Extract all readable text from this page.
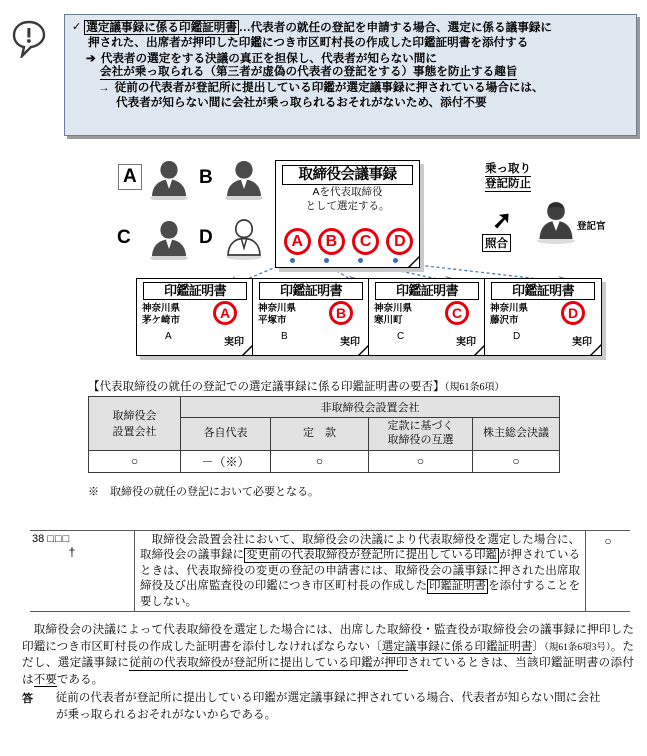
✓ 選定議事録に係る印鑑証明書 …代表者の就任の登記を申請する場合、選定に係る議事録に
押された、出席者が押印した印鑑につき市区町村長の作成した印鑑証明書を添付する
➔ 代表者の選定をする決議の真正を担保し、代表者が知らない間に
会社が乗っ取られる（第三者が虚偽の代表者の登記をする）事態を防止する趣旨
→ 従前の代表者が登記所に提出している印鑑が選定議事録に押されている場合には、
代表者が知らない間に会社が乗っ取られるおそれがないため、添付不要
A	B
C	D
取締役会議事録
Aを代表取締役
として選定する。
A	B	C	D
乗っ取り
登記防止
➚
照合
登記官
印鑑証明書
神奈川県
茅ケ崎市	A
A
実印
印鑑証明書
神奈川県
平塚市	B
B
実印
印鑑証明書
神奈川県
寒川町	C
C
実印
印鑑証明書
神奈川県
藤沢市	D
D
実印
【代表取締役の就任の登記での選定議事録に係る印鑑証明書の要否】（規61条6項）
取締役会
設置会社	非取締役会設置会社			

	各自代表	定　款	定款に基づく
取締役の互選	株主総会決議

○	－（※）	○	○	○
※　取締役の就任の登記において必要となる。
38 □□□
†
　取締役会設置会社において、取締役会の決議により代表取締役を選定した場合に、取締役会の議事録に 変更前の代表取締役が登記所に提出している印鑑 が押されているときは、代表取締役の変更の登記の申請書には、取締役会の議事録に押された出席取締役及び出席監査役の印鑑につき市区町村長の作成した 印鑑証明書 を添付することを要しない。
○

　取締役会の決議によって代表取締役を選定した場合には、出席した取締役・監査役が取締役会の議事録に押印した印鑑につき市区町村長の作成した証明書を添付しなければならない〔選定議事録に係る印鑑証明書〕（規61条6項3号）。ただし、選定議事録に従前の代表取締役が登記所に提出している印鑑が押印されているときは、当該印鑑証明書の添付は不要である。

答 　従前の代表者が登記所に提出している印鑑が選定議事録に押されている場合、代表者が知らない間に会社

が乗っ取られるおそれがないからである。
